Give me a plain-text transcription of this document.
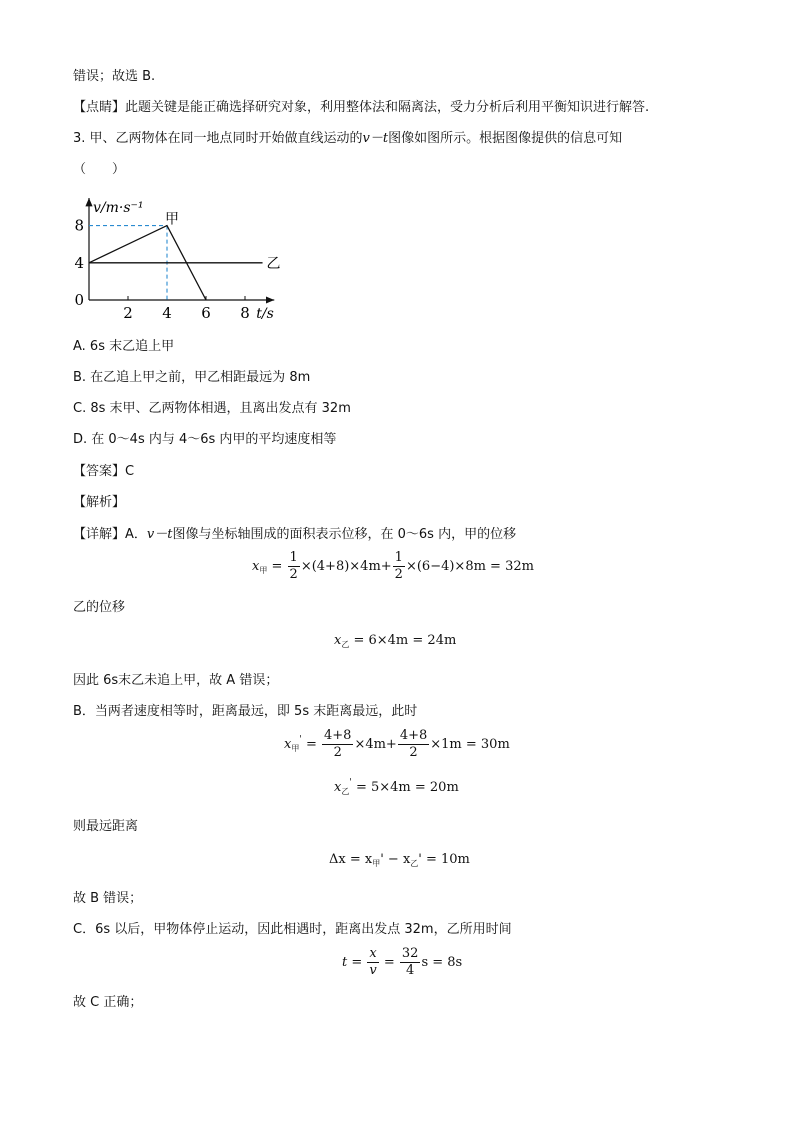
错误；故选 B.
【点睛】此题关键是能正确选择研究对象，利用整体法和隔离法，受力分析后利用平衡知识进行解答.
3. 甲、乙两物体在同一地点同时开始做直线运动的v－t图像如图所示。根据图像提供的信息可知
（　　）
2 4 6 8
8
4
0
甲
乙
v/m·s⁻¹
t/s
A. 6s 末乙追上甲
B. 在乙追上甲之前，甲乙相距最远为 8m
C. 8s 末甲、乙两物体相遇，且离出发点有 32m
D. 在 0～4s 内与 4～6s 内甲的平均速度相等
【答案】C
【解析】
【详解】A．v－t图像与坐标轴围成的面积表示位移，在 0～6s 内，甲的位移
$x_甲 = \frac{1}{2} \times(4+8)\times 4m+ \frac{1}{2} \times(6-4)\times 8m = 32m$
乙的位移
$x_乙 = 6\times 4m = 24m$
因此 6s末乙未追上甲，故 A 错误；
B．当两者速度相等时，距离最远，即 5s 末距离最远，此时
$x_甲' = \frac{4+8}{2} \times 4m+ \frac{4+8}{2} \times 1m = 30m$
$x_乙' = 5\times 4m = 20m$
则最远距离
$\Delta x = x_甲' - x_乙' = 10m$
故 B 错误；
C．6s 以后，甲物体停止运动，因此相遇时，距离出发点 32m，乙所用时间
$t = \frac{x}{v} = \frac{32}{4}$ s = 8s
故 C 正确；
